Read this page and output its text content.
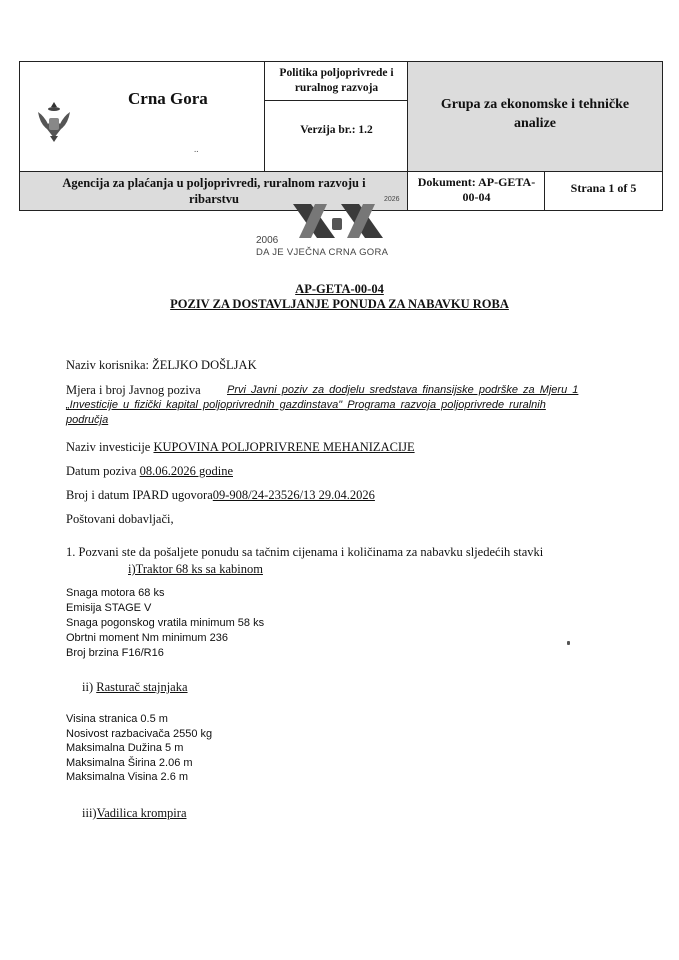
Crna Gora
..
Politika poljoprivrede i
ruralnog razvoja
Verzija br.: 1.2
Grupa za ekonomske i tehničke
analize
Agencija za plaćanja u poljoprivredi, ruralnom razvoju i
ribarstvu
Dokument: AP-GETA-
00-04
Strana 1 of 5
2006
2026
DA JE VJEČNA CRNA GORA
AP-GETA-00-04
POZIV ZA DOSTAVLJANJE PONUDA ZA NABAVKU ROBA
Naziv korisnika: ŽELJKO DOŠLJAK
Mjera i broj Javnog poziva Prvi Javni poziv za dodjelu sredstava finansijske podrške za Mjeru 1
„Investicije u fizički kapital poljoprivrednih gazdinstava" Programa razvoja poljoprivrede ruralnih
područja
Naziv investicije KUPOVINA POLJOPRIVRENE MEHANIZACIJE
Datum poziva 08.06.2026 godine
Broj i datum IPARD ugovora09-908/24-23526/13 29.04.2026
Poštovani dobavljači,
1. Pozvani ste da pošaljete ponudu sa tačnim cijenama i količinama za nabavku sljedećih stavki
i)Traktor 68 ks sa kabinom
Snaga motora 68 ks
Emisija STAGE V
Snaga pogonskog vratila minimum 58 ks
Obrtni moment Nm minimum 236
Broj brzina F16/R16
ii) Rasturač stajnjaka
Visina stranica 0.5 m
Nosivost razbacivača 2550 kg
Maksimalna Dužina 5 m
Maksimalna Širina 2.06 m
Maksimalna Visina 2.6 m
iii)Vadilica krompira
